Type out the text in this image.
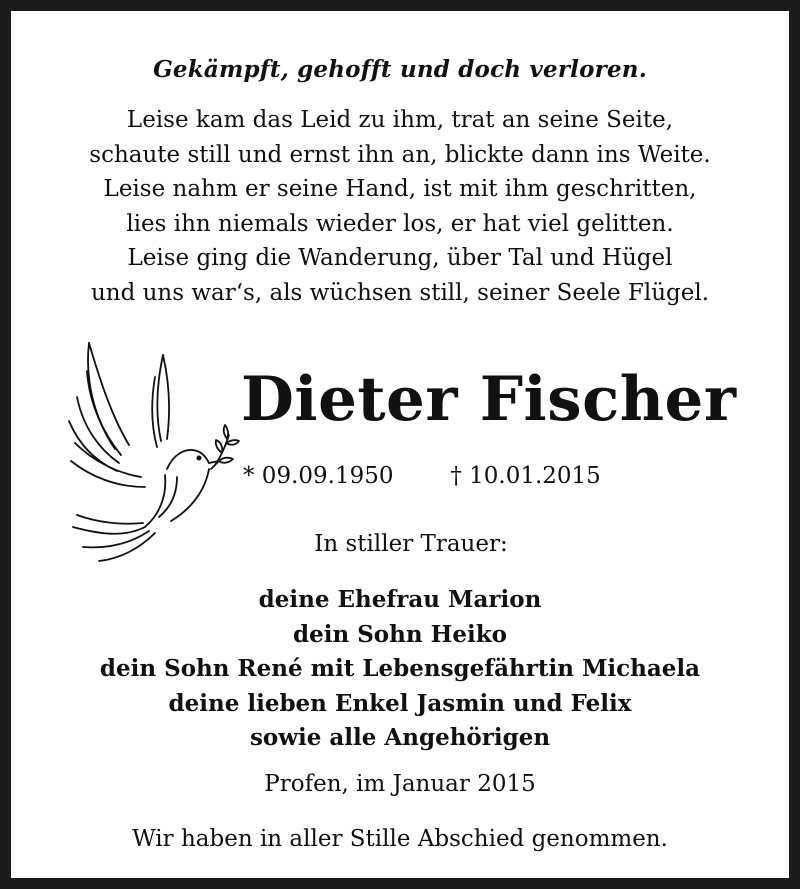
Gekämpft, gehofft und doch verloren.
Leise kam das Leid zu ihm, trat an seine Seite,
schaute still und ernst ihn an, blickte dann ins Weite.
Leise nahm er seine Hand, ist mit ihm geschritten,
lies ihn niemals wieder los, er hat viel gelitten.
Leise ging die Wanderung, über Tal und Hügel
und uns war‘s, als wüchsen still, seiner Seele Flügel.
Dieter Fischer
* 09.09.1950 † 10.01.2015
In stiller Trauer:
deine Ehefrau Marion
dein Sohn Heiko
dein Sohn René mit Lebensgefährtin Michaela
deine lieben Enkel Jasmin und Felix
sowie alle Angehörigen
Profen, im Januar 2015
Wir haben in aller Stille Abschied genommen.
